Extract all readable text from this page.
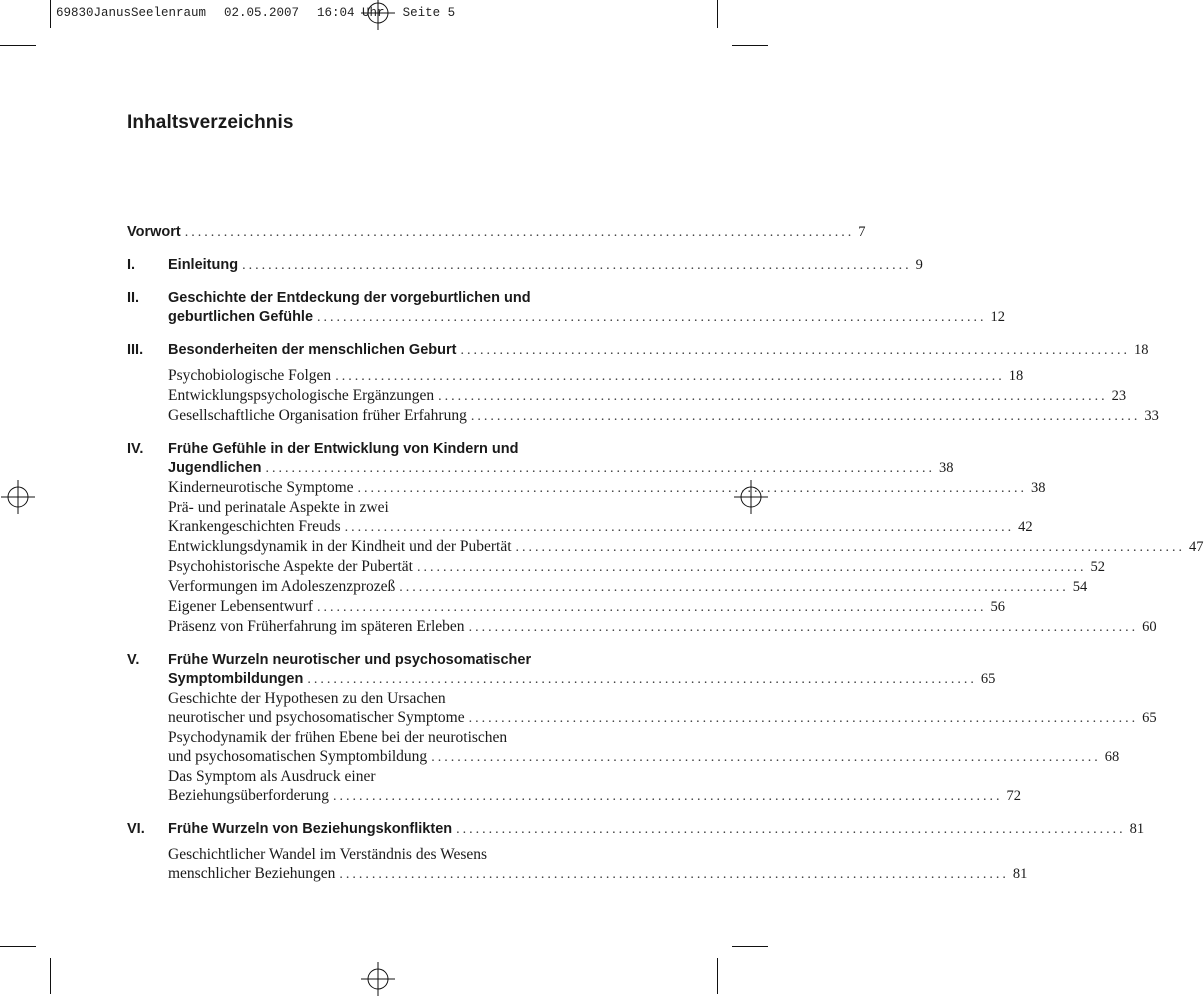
69830JanusSeelenraum 02.05.2007 16:04 Uhr Seite 5
Inhaltsverzeichnis
Vorwort ....................................................................................................... 7
I. Einleitung ....................................................................................................... 9
II.	Geschichte der Entdeckung der vorgeburtlichen und
geburtlichen Gefühle ....................................................................................................... 12
III. Besonderheiten der menschlichen Geburt ....................................................................................................... 18
Psychobiologische Folgen ....................................................................................................... 18
Entwicklungspsychologische Ergänzungen ....................................................................................................... 23
Gesellschaftliche Organisation früher Erfahrung ....................................................................................................... 33
IV.	Frühe Gefühle in der Entwicklung von Kindern und
Jugendlichen ....................................................................................................... 38
Kinderneurotische Symptome ....................................................................................................... 38
Prä- und perinatale Aspekte in zwei
Krankengeschichten Freuds ....................................................................................................... 42
Entwicklungsdynamik in der Kindheit und der Pubertät ....................................................................................................... 47
Psychohistorische Aspekte der Pubertät ....................................................................................................... 52
Verformungen im Adoleszenzprozeß ....................................................................................................... 54
Eigener Lebensentwurf ....................................................................................................... 56
Präsenz von Früherfahrung im späteren Erleben ....................................................................................................... 60
V.	Frühe Wurzeln neurotischer und psychosomatischer
Symptombildungen ....................................................................................................... 65
Geschichte der Hypothesen zu den Ursachen
neurotischer und psychosomatischer Symptome ....................................................................................................... 65
Psychodynamik der frühen Ebene bei der neurotischen
und psychosomatischen Symptombildung ....................................................................................................... 68
Das Symptom als Ausdruck einer
Beziehungsüberforderung ....................................................................................................... 72
VI. Frühe Wurzeln von Beziehungskonflikten ....................................................................................................... 81
Geschichtlicher Wandel im Verständnis des Wesens
menschlicher Beziehungen ....................................................................................................... 81
